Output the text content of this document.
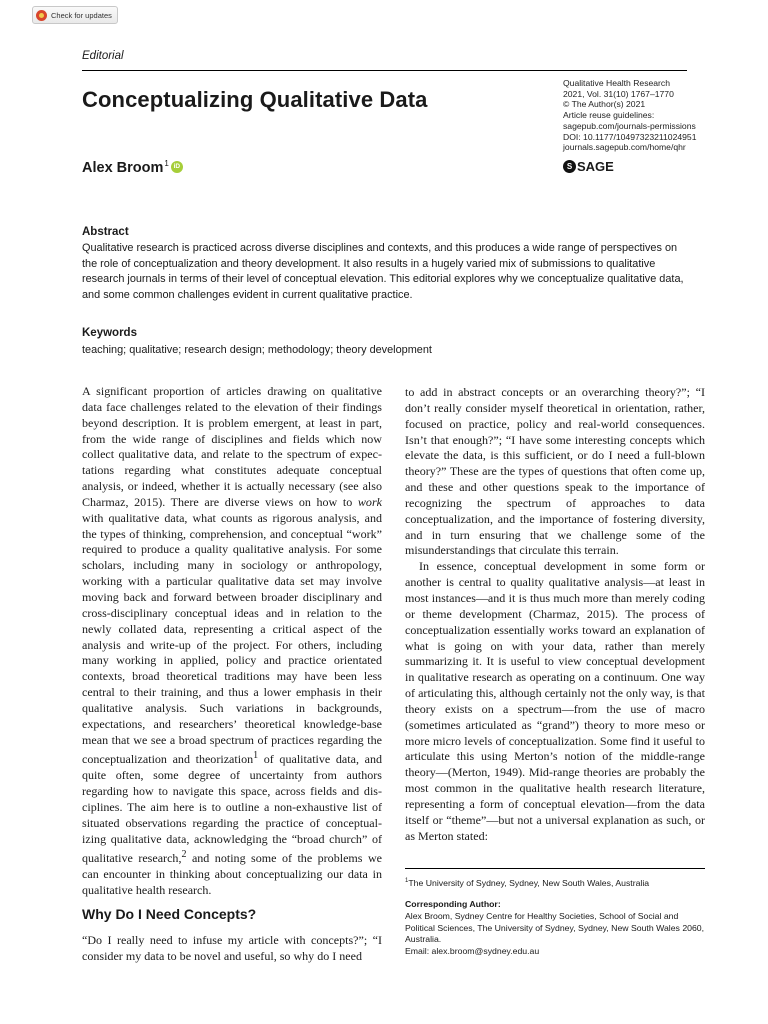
Check for updates
Editorial
Conceptualizing Qualitative Data
Alex Broom$^1$ iD
Qualitative Health Research
2021, Vol. 31(10) 1767–1770
© The Author(s) 2021
Article reuse guidelines:
sagepub.com/journals-permissions
DOI: 10.1177/10497323211024951
journals.sagepub.com/home/qhr
S SAGE
Abstract

Qualitative research is practiced across diverse disciplines and contexts, and this produces a wide range of perspectives on the role of conceptualization and theory development. It also results in a hugely varied mix of submissions to qualitative research journals in terms of their level of conceptual elevation. This editorial explores why we conceptualize qualitative data, and some common challenges evident in current qualitative practice.

Keywords
teaching; qualitative; research design; methodology; theory development

A significant proportion of articles drawing on qualitative data face challenges related to the elevation of their findings beyond description. It is problem emergent, at least in part, from the wide range of disciplines and fields which now collect qualitative data, and relate to the spectrum of expectations regarding what constitutes adequate conceptual analysis, or indeed, whether it is actually necessary (see also Charmaz, 2015). There are diverse views on how to work with qualitative data, what counts as rigorous analysis, and the types of thinking, comprehension, and conceptual “work” required to produce a quality qualitative analysis. For some scholars, including many in sociology or anthropology, working with a particular qualitative data set may involve moving back and forward between broader disciplinary and cross-disciplinary conceptual ideas and in relation to the newly collated data, representing a critical aspect of the analysis and write-up of the project. For others, including many working in applied, policy and practice orientated contexts, broad theoretical traditions may have been less central to their training, and thus a lower emphasis in their qualitative analysis. Such variations in backgrounds, expectations, and researchers’ theoretical knowledge-base mean that we see a broad spectrum of practices regarding the conceptualization and theorization$^1$ of qualitative data, and quite often, some degree of uncertainty from authors regarding how to navigate this space, across fields and disciplines. The aim here is to outline a non-exhaustive list of situated observations regarding the practice of conceptualizing qualitative data, acknowledging the “broad church” of qualitative research,$^2$ and noting some of the problems we can encounter in thinking about conceptualizing our data in qualitative health research.

Why Do I Need Concepts?

“Do I really need to infuse my article with concepts?”; “I consider my data to be novel and useful, so why do I need

to add in abstract concepts or an overarching theory?”; “I don’t really consider myself theoretical in orientation, rather, focused on practice, policy and real-world consequences. Isn’t that enough?”; “I have some interesting concepts which elevate the data, is this sufficient, or do I need a full-blown theory?” These are the types of questions that often come up, and these and other questions speak to the importance of recognizing the spectrum of approaches to data conceptualization, and the importance of fostering diversity, and in turn ensuring that we challenge some of the misunderstandings that circulate this terrain.

In essence, conceptual development in some form or another is central to quality qualitative analysis—at least in most instances—and it is thus much more than merely coding or theme development (Charmaz, 2015). The process of conceptualization essentially works toward an explanation of what is going on with your data, rather than merely summarizing it. It is useful to view conceptual development in qualitative research as operating on a continuum. One way of articulating this, although certainly not the only way, is that theory exists on a spectrum—from the use of macro (sometimes articulated as “grand”) theory to more meso or more micro levels of conceptualization. Some find it useful to articulate this using Merton’s notion of the middle-range theory—(Merton, 1949). Mid-range theories are probably the most common in the qualitative health research literature, representing a form of conceptual elevation—from the data itself or “theme”—but not a universal explanation as such, or as Merton stated:

$^1$The University of Sydney, Sydney, New South Wales, Australia
Corresponding Author:
Alex Broom, Sydney Centre for Healthy Societies, School of Social and Political Sciences, The University of Sydney, Sydney, New South Wales 2060, Australia.
Email: alex.broom@sydney.edu.au
